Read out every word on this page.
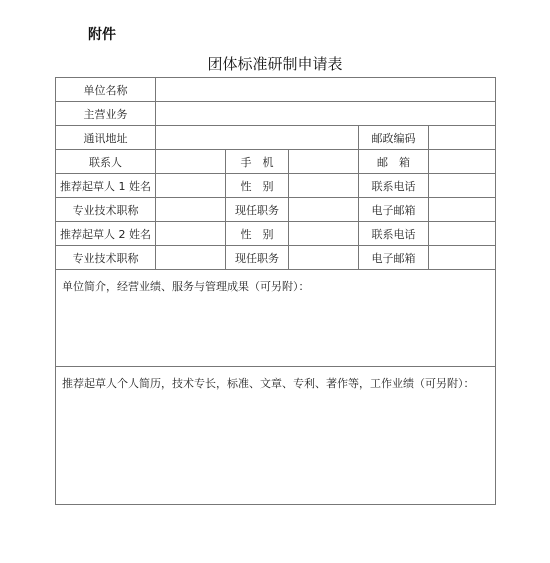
附件
团体标准研制申请表
单位名称					
主营业务					
通讯地址				邮政编码	
联系人		手　机		邮　箱	
推荐起草人 1 姓名		性　别		联系电话	
专业技术职称		现任职务		电子邮箱	
推荐起草人 2 姓名		性　别		联系电话	
专业技术职称		现任职务		电子邮箱	
单位简介，经营业绩、服务与管理成果（可另附）：					
推荐起草人个人简历，技术专长，标准、文章、专利、著作等，工作业绩（可另附）：					
